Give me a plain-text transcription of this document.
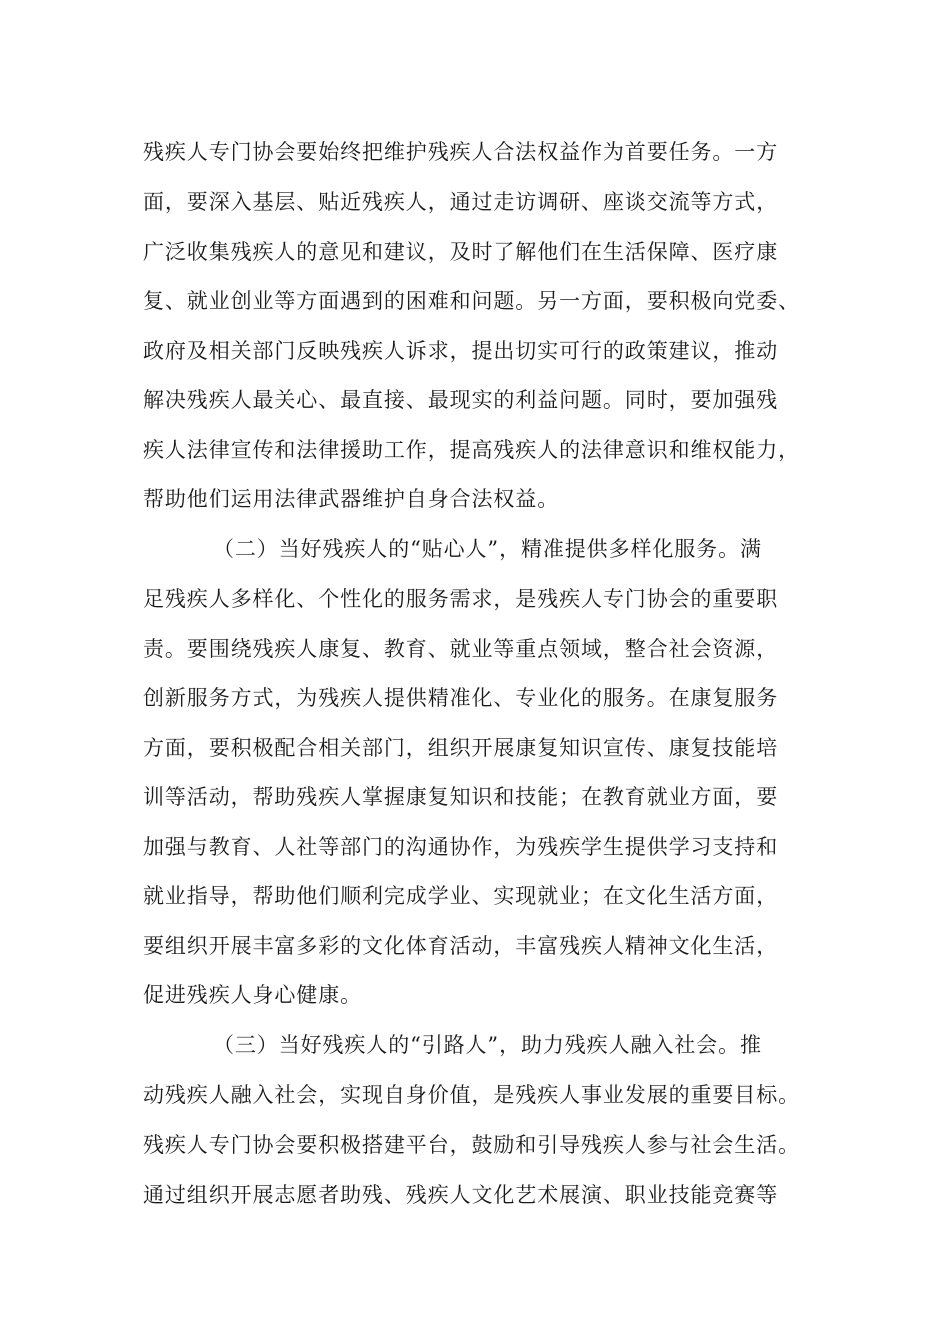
残疾人专门协会要始终把维护残疾人合法权益作为首要任务。一方
面，要深入基层、贴近残疾人，通过走访调研、座谈交流等方式，
广泛收集残疾人的意见和建议，及时了解他们在生活保障、医疗康
复、就业创业等方面遇到的困难和问题。另一方面，要积极向党委、
政府及相关部门反映残疾人诉求，提出切实可行的政策建议，推动
解决残疾人最关心、最直接、最现实的利益问题。同时，要加强残
疾人法律宣传和法律援助工作，提高残疾人的法律意识和维权能力，
帮助他们运用法律武器维护自身合法权益。
（二）当好残疾人的“贴心人”，精准提供多样化服务。满
足残疾人多样化、个性化的服务需求，是残疾人专门协会的重要职
责。要围绕残疾人康复、教育、就业等重点领域，整合社会资源，
创新服务方式，为残疾人提供精准化、专业化的服务。在康复服务
方面，要积极配合相关部门，组织开展康复知识宣传、康复技能培
训等活动，帮助残疾人掌握康复知识和技能；在教育就业方面，要
加强与教育、人社等部门的沟通协作，为残疾学生提供学习支持和
就业指导，帮助他们顺利完成学业、实现就业；在文化生活方面，
要组织开展丰富多彩的文化体育活动，丰富残疾人精神文化生活，
促进残疾人身心健康。
（三）当好残疾人的“引路人”，助力残疾人融入社会。推
动残疾人融入社会，实现自身价值，是残疾人事业发展的重要目标。
残疾人专门协会要积极搭建平台，鼓励和引导残疾人参与社会生活。
通过组织开展志愿者助残、残疾人文化艺术展演、职业技能竞赛等
